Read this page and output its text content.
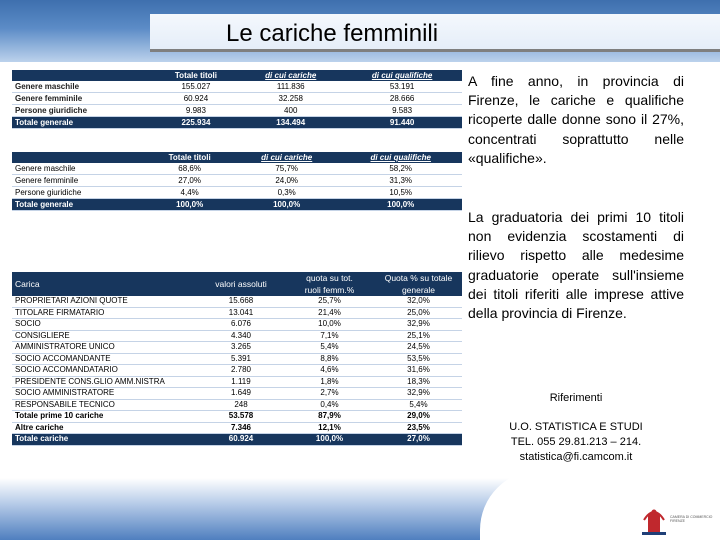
Le cariche femminili
	Totale titoli	di cui cariche	di cui qualifiche
Genere maschile	155.027	111.836	53.191
Genere femminile	60.924	32.258	28.666
Persone giuridiche	9.983	400	9.583
Totale generale	225.934	134.494	91.440
	Totale titoli	di cui cariche	di cui qualifiche
Genere maschile	68,6%	75,7%	58,2%
Genere femminile	27,0%	24,0%	31,3%
Persone giuridiche	4,4%	0,3%	10,5%
Totale generale	100,0%	100,0%	100,0%
Carica	valori assoluti	quota su tot.	Quota % su totale
		ruoli femm.%	generale
PROPRIETARI AZIONI QUOTE	15.668	25,7%	32,0%
TITOLARE FIRMATARIO	13.041	21,4%	25,0%
SOCIO	6.076	10,0%	32,9%
CONSIGLIERE	4.340	7,1%	25,1%
AMMINISTRATORE UNICO	3.265	5,4%	24,5%
SOCIO ACCOMANDANTE	5.391	8,8%	53,5%
SOCIO ACCOMANDATARIO	2.780	4,6%	31,6%
PRESIDENTE CONS.GLIO AMM.NISTRA	1.119	1,8%	18,3%
SOCIO AMMINISTRATORE	1.649	2,7%	32,9%
RESPONSABILE TECNICO	248	0,4%	5,4%
Totale prime 10 cariche	53.578	87,9%	29,0%
Altre cariche	7.346	12,1%	23,5%
Totale cariche	60.924	100,0%	27,0%
A fine anno, in provincia di Firenze, le cariche e qualifiche ricoperte dalle donne sono il 27%, concentrati soprattutto nelle «qualifiche».
La graduatoria dei primi 10 titoli non evidenzia scostamenti di rilievo rispetto alle medesime graduatorie operate sull'insieme dei titoli riferiti alle imprese attive della provincia di Firenze.
Riferimenti
U.O. STATISTICA E STUDI
TEL. 055 29.81.213 – 214.
statistica@fi.camcom.it
CAMERA DI COMMERCIO
FIRENZE
